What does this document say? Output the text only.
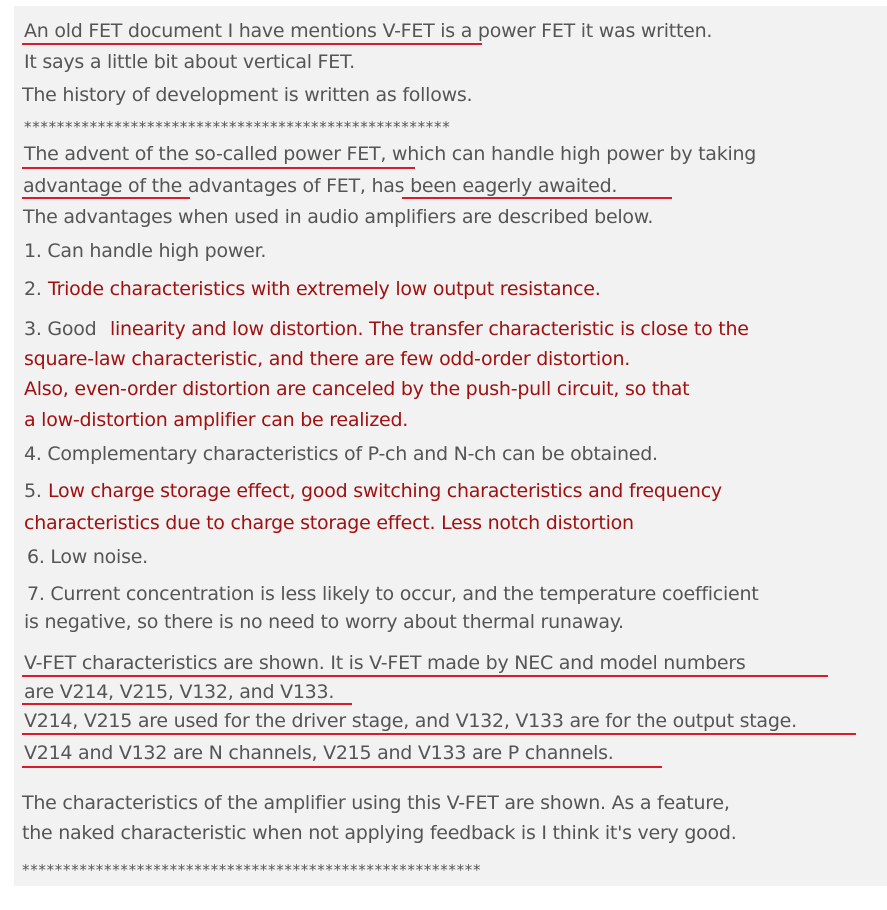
An old FET document I have mentions V-FET is a power FET it was written.
It says a little bit about vertical FET.
The history of development is written as follows.
****************************************************
The advent of the so-called power FET, which can handle high power by taking
advantage of the advantages of FET, has been eagerly awaited.
The advantages when used in audio amplifiers are described below.
1. Can handle high power.
2. Triode characteristics with extremely low output resistance.
3. Good linearity and low distortion. The transfer characteristic is close to the
square-law characteristic, and there are few odd-order distortion.
Also, even-order distortion are canceled by the push-pull circuit, so that
a low-distortion amplifier can be realized.
4. Complementary characteristics of P-ch and N-ch can be obtained.
5. Low charge storage effect, good switching characteristics and frequency
characteristics due to charge storage effect. Less notch distortion
6. Low noise.
7. Current concentration is less likely to occur, and the temperature coefficient
is negative, so there is no need to worry about thermal runaway.
V-FET characteristics are shown. It is V-FET made by NEC and model numbers
are V214, V215, V132, and V133.
V214, V215 are used for the driver stage, and V132, V133 are for the output stage.
V214 and V132 are N channels, V215 and V133 are P channels.
The characteristics of the amplifier using this V-FET are shown. As a feature,
the naked characteristic when not applying feedback is I think it's very good.
********************************************************
